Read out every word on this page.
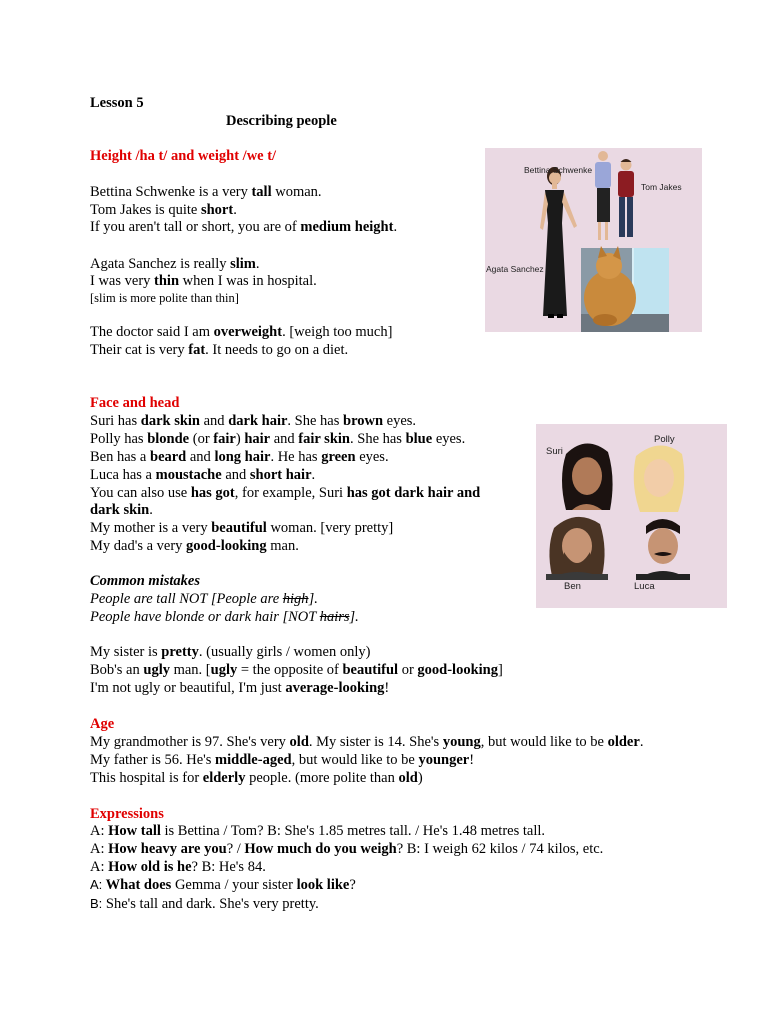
Lesson 5
Describing people
Height /ha t/ and weight /we t/
Bettina Schwenke is a very tall woman.
Tom Jakes is quite short.
If you aren't tall or short, you are of medium height.
Agata Sanchez is really slim.
I was very thin when I was in hospital.
[slim is more polite than thin]
The doctor said I am overweight. [weigh too much]
Their cat is very fat. It needs to go on a diet.
Face and head
Suri has dark skin and dark hair. She has brown eyes.
Polly has blonde (or fair) hair and fair skin. She has blue eyes.
Ben has a beard and long hair. He has green eyes.
Luca has a moustache and short hair.
You can also use has got, for example, Suri has got dark hair and
dark skin.
My mother is a very beautiful woman. [very pretty]
My dad's a very good-looking man.
Common mistakes
People are tall NOT [People are high].
People have blonde or dark hair [NOT hairs].
My sister is pretty. (usually girls / women only)
Bob's an ugly man. [ugly = the opposite of beautiful or good-looking]
I'm not ugly or beautiful, I'm just average-looking!
Age
My grandmother is 97. She's very old. My sister is 14. She's young, but would like to be older.
My father is 56. He's middle-aged, but would like to be younger!
This hospital is for elderly people. (more polite than old)
Expressions
A: How tall is Bettina / Tom? B: She's 1.85 metres tall. / He's 1.48 metres tall.
A: How heavy are you? / How much do you weigh? B: I weigh 62 kilos / 74 kilos, etc.
A: How old is he? B: He's 84.
A: What does Gemma / your sister look like?
B: She's tall and dark. She's very pretty.
Bettina Schwenke
Tom Jakes
Agata Sanchez
Suri
Polly
Ben	Luca
